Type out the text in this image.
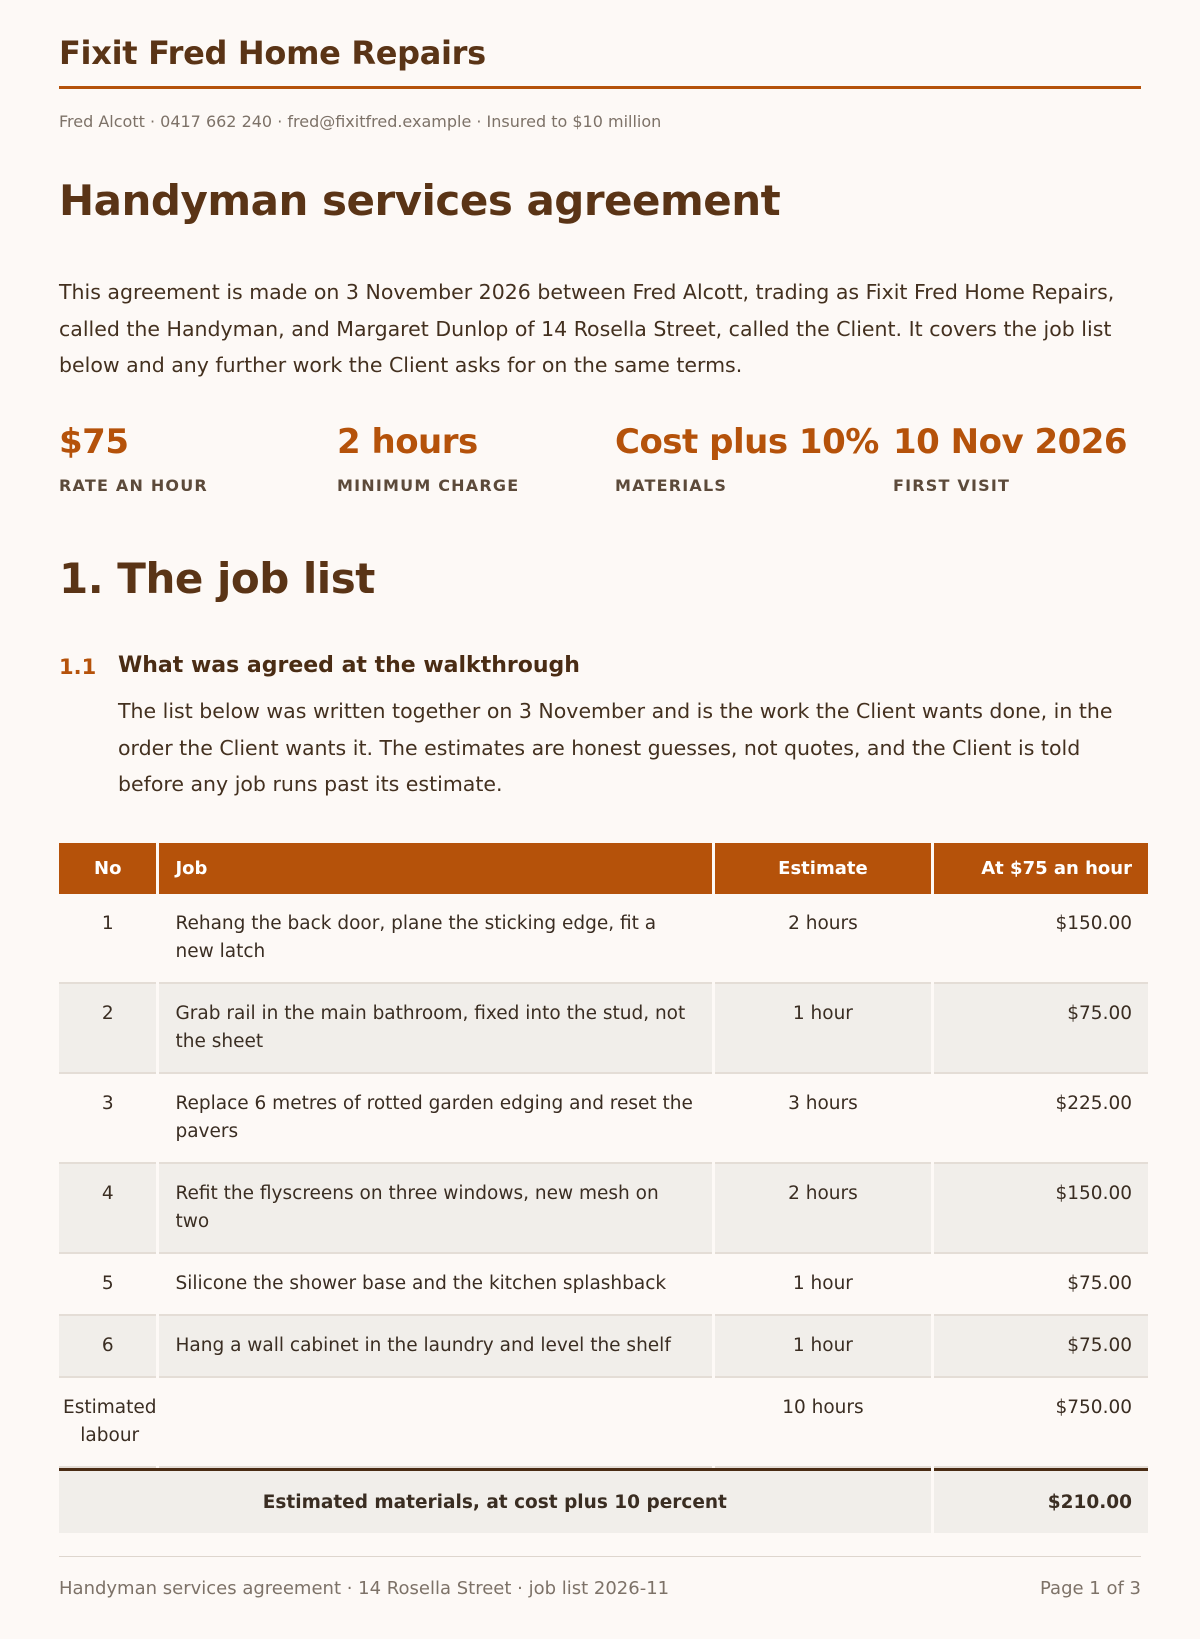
Fixit Fred Home Repairs
Fred Alcott · 0417 662 240 · fred@fixitfred.example · Insured to $10 million
Handyman services agreement
This agreement is made on 3 November 2026 between Fred Alcott, trading as Fixit Fred Home Repairs, called the Handyman, and Margaret Dunlop of 14 Rosella Street, called the Client. It covers the job list below and any further work the Client asks for on the same terms.
$75
RATE AN HOUR
2 hours
MINIMUM CHARGE
Cost plus 10%
MATERIALS
10 Nov 2026
FIRST VISIT
1. The job list
1.1 What was agreed at the walkthrough
The list below was written together on 3 November and is the work the Client wants done, in the order the Client wants it. The estimates are honest guesses, not quotes, and the Client is told before any job runs past its estimate.
Handyman services agreement · 14 Rosella Street · job list 2026-11	Page 1 of 3
No	Job	Estimate	At $75 an hour
1	Rehang the back door, plane the sticking edge, fit a new latch	2 hours	$150.00
2	Grab rail in the main bathroom, fixed into the stud, not the sheet	1 hour	$75.00
3	Replace 6 metres of rotted garden edging and reset the pavers	3 hours	$225.00
4	Refit the flyscreens on three windows, new mesh on two	2 hours	$150.00
5	Silicone the shower base and the kitchen splashback	1 hour	$75.00
6	Hang a wall cabinet in the laundry and level the shelf	1 hour	$75.00
Estimated labour		10 hours	$750.00
Estimated materials, at cost plus 10 percent			$210.00
